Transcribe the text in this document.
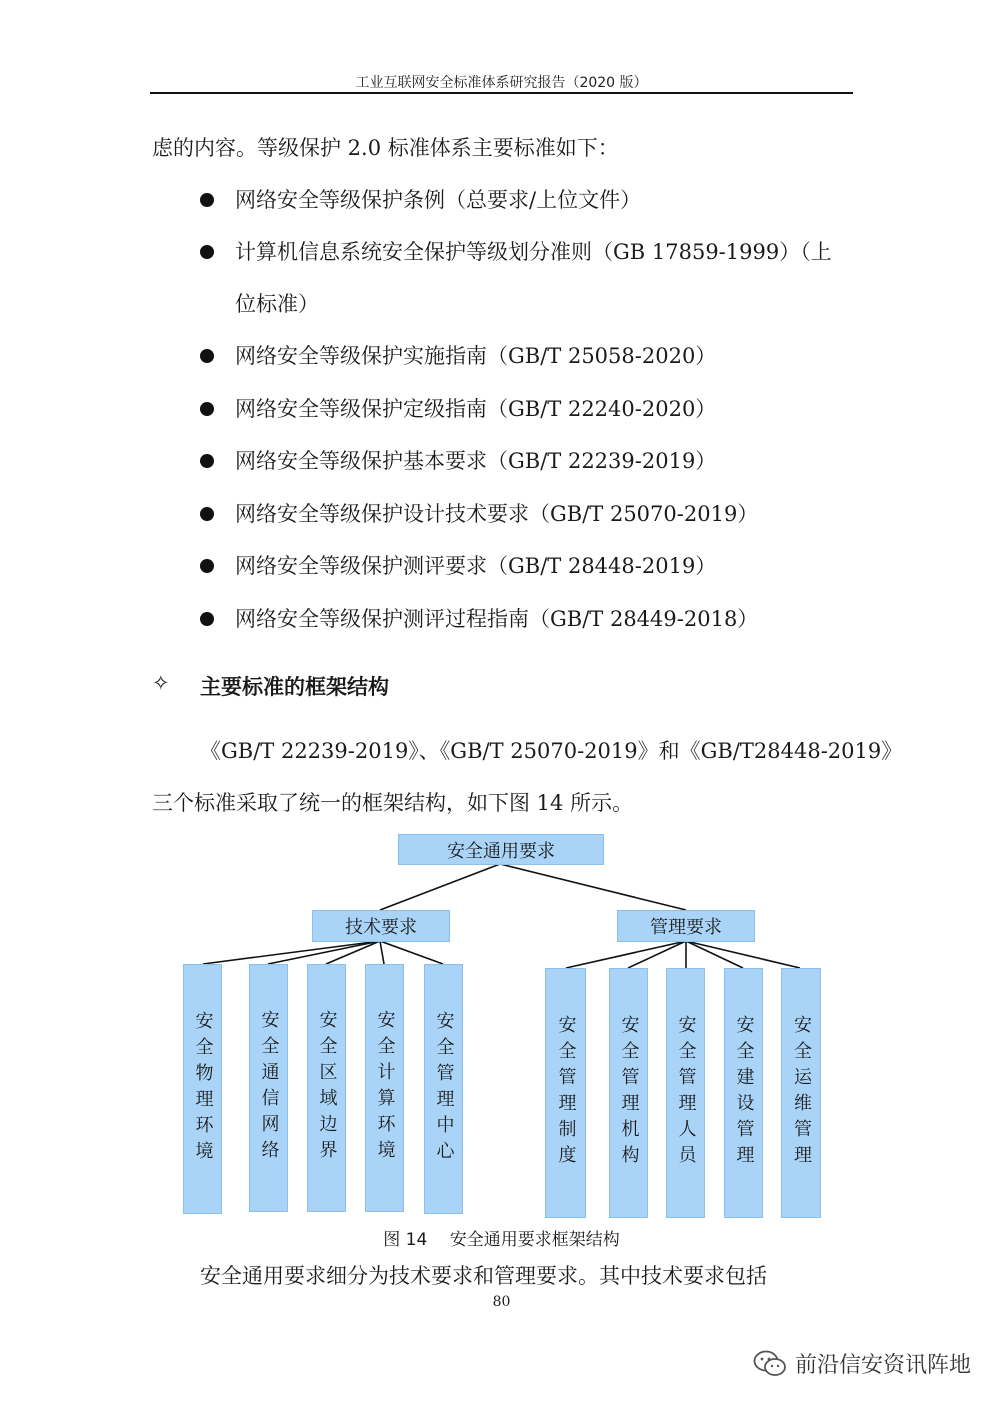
工业互联网安全标准体系研究报告（2020 版）
虑的内容。等级保护 2.0 标准体系主要标准如下：
网络安全等级保护条例（总要求/上位文件）
计算机信息系统安全保护等级划分准则（GB 17859-1999）（上
位标准）
网络安全等级保护实施指南（GB/T 25058-2020）
网络安全等级保护定级指南（GB/T 22240-2020）
网络安全等级保护基本要求（GB/T 22239-2019）
网络安全等级保护设计技术要求（GB/T 25070-2019）
网络安全等级保护测评要求（GB/T 28448-2019）
网络安全等级保护测评过程指南（GB/T 28449-2018）
✧ 主要标准的框架结构
《GB/T 22239-2019》、《GB/T 25070-2019》和《GB/T28448-2019》
三个标准采取了统一的框架结构，如下图 14 所示。
安全通用要求
技术要求	管理要求
安全物理环境	安全通信网络	安全区域边界	安全计算环境	安全管理中心	安全管理制度	安全管理机构	安全管理人员	安全建设管理	安全运维管理
图 14　 安全通用要求框架结构
安全通用要求细分为技术要求和管理要求。其中技术要求包括
80
前沿信安资讯阵地
